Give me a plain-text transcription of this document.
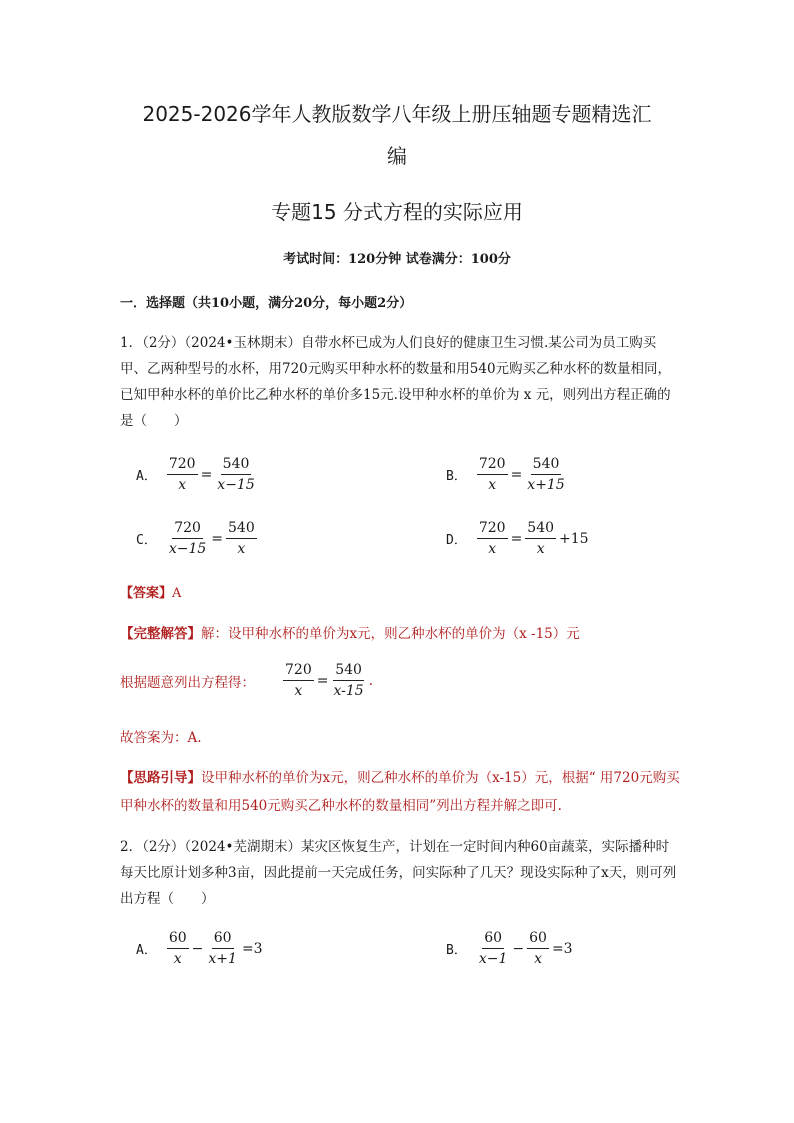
2025-2026学年人教版数学八年级上册压轴题专题精选汇
编
专题15 分式方程的实际应用
考试时间：120分钟 试卷满分：100分
一．选择题（共10小题，满分20分，每小题2分）
1．（2分）（2024•玉林期末）自带水杯已成为人们良好的健康卫生习惯.某公司为员工购买甲、乙两种型号的水杯，用720元购买甲种水杯的数量和用540元购买乙种水杯的数量相同，已知甲种水杯的单价比乙种水杯的单价多15元.设甲种水杯的单价为 x 元，则列出方程正确的是（　　）
A． $\frac{720}{x} = \frac{540}{x-15}$	B． $\frac{720}{x} = \frac{540}{x+15}$
C． $\frac{720}{x-15} = \frac{540}{x}$	D． $\frac{720}{x} = \frac{540}{x} +15$
【答案】A
【完整解答】解：设甲种水杯的单价为x元，则乙种水杯的单价为（x -15）元
根据题意列出方程得： $\frac{720}{x} = \frac{540}{x-15}$ .
故答案为：A.
【思路引导】设甲种水杯的单价为x元，则乙种水杯的单价为（x-15）元，根据“ 用720元购买甲种水杯的数量和用540元购买乙种水杯的数量相同”列出方程并解之即可.
2．（2分）（2024•芜湖期末）某灾区恢复生产，计划在一定时间内种60亩蔬菜，实际播种时每天比原计划多种3亩，因此提前一天完成任务，问实际种了几天？现设实际种了x天，则可列出方程（　　）
A． $\frac{60}{x} - \frac{60}{x+1} =3$	B． $\frac{60}{x-1} - \frac{60}{x} =3$
